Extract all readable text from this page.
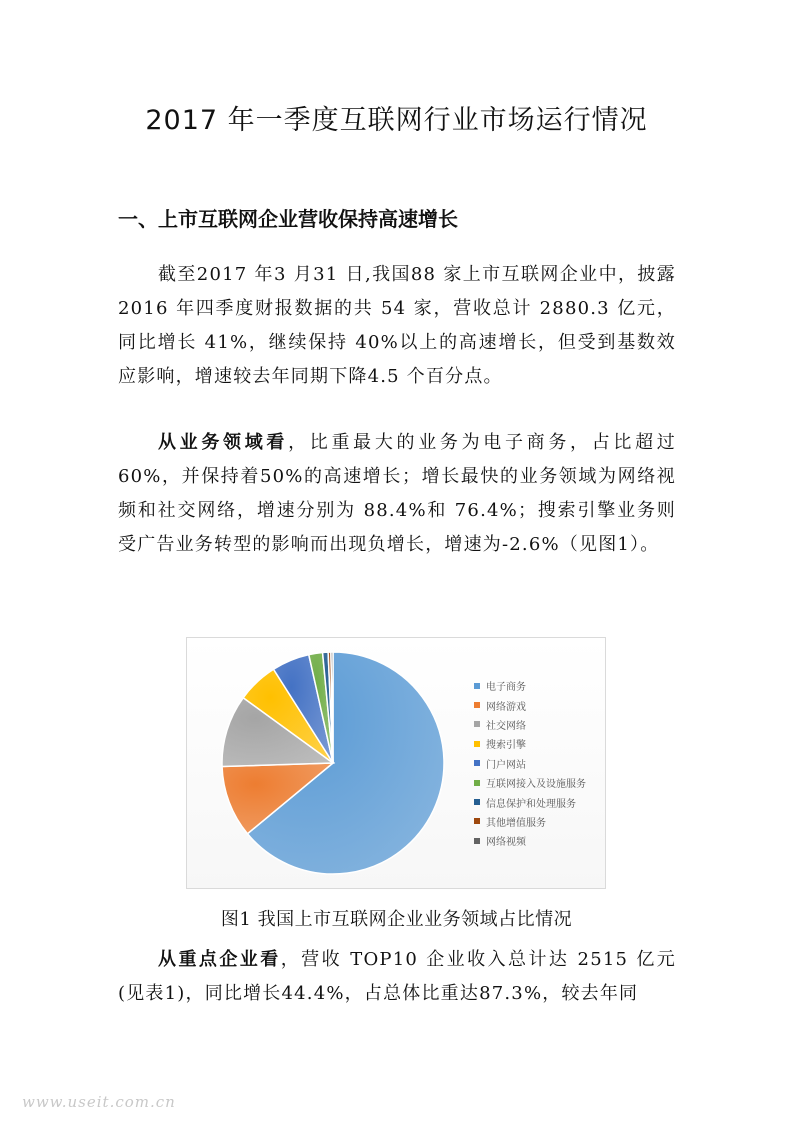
2017 年一季度互联网行业市场运行情况
一、上市互联网企业营收保持高速增长

截至2017 年3 月31 日,我国88 家上市互联网企业中，披露 2016 年四季度财报数据的共 54 家，营收总计 2880.3 亿元，同比增长 41%，继续保持 40%以上的高速增长，但受到基数效应影响，增速较去年同期下降4.5 个百分点。

从业务领域看，比重最大的业务为电子商务，占比超过60%，并保持着50%的高速增长；增长最快的业务领域为网络视频和社交网络，增速分别为 88.4%和 76.4%；搜索引擎业务则受广告业务转型的影响而出现负增长，增速为-2.6%（见图1）。

电子商务
网络游戏
社交网络
搜索引擎
门户网站
互联网接入及设施服务
信息保护和处理服务
其他增值服务
网络视频
图1 我国上市互联网企业业务领域占比情况

从重点企业看，营收 TOP10 企业收入总计达 2515 亿元(见表1)，同比增长44.4%，占总体比重达87.3%，较去年同

www.useit.com.cn
